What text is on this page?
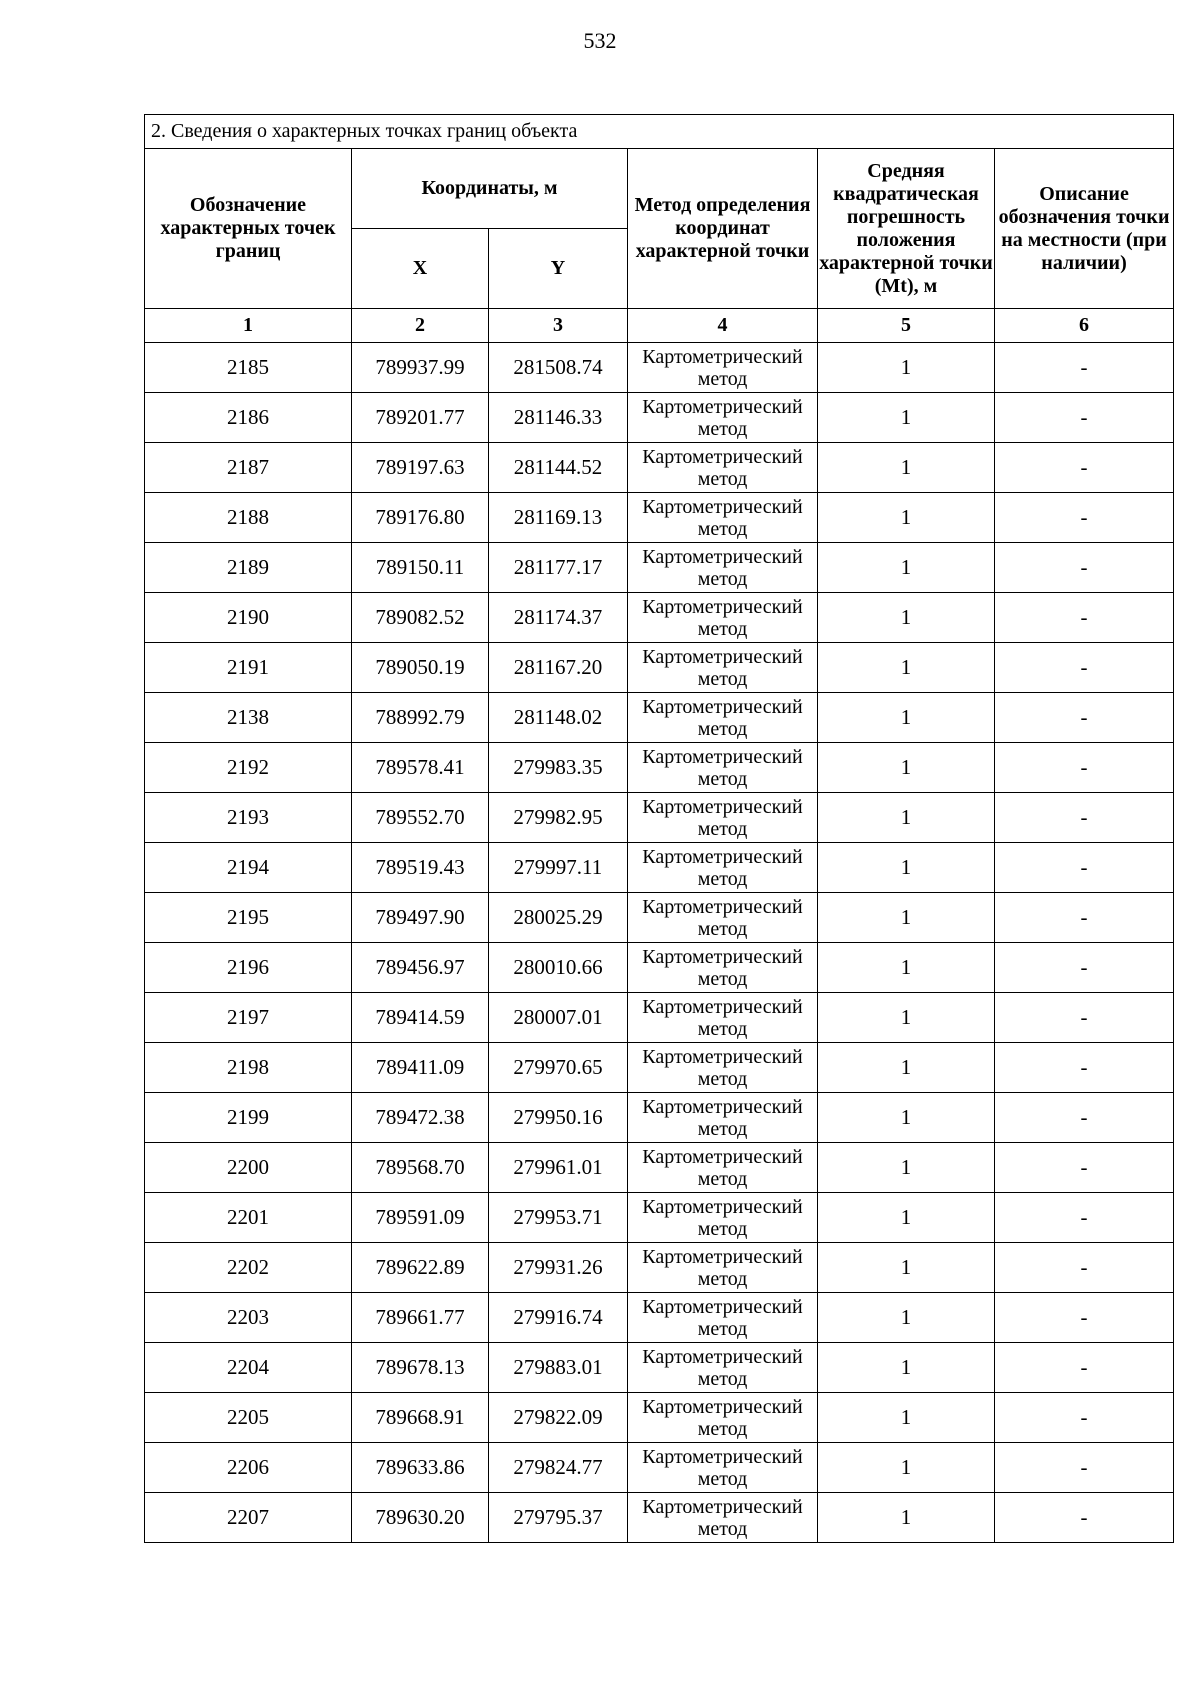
532
2. Сведения о характерных точках границ объекта					
Обозначение характерных точек границ	Координаты, м		Метод определения координат характерной точки	Средняя квадратическая погрешность положения характерной точки (Mt), м	Описание обозначения точки на местности (при наличии)
	X	Y			
1	2	3	4	5	6
2185	789937.99	281508.74	Картометрический метод	1	-
2186	789201.77	281146.33	Картометрический метод	1	-
2187	789197.63	281144.52	Картометрический метод	1	-
2188	789176.80	281169.13	Картометрический метод	1	-
2189	789150.11	281177.17	Картометрический метод	1	-
2190	789082.52	281174.37	Картометрический метод	1	-
2191	789050.19	281167.20	Картометрический метод	1	-
2138	788992.79	281148.02	Картометрический метод	1	-
2192	789578.41	279983.35	Картометрический метод	1	-
2193	789552.70	279982.95	Картометрический метод	1	-
2194	789519.43	279997.11	Картометрический метод	1	-
2195	789497.90	280025.29	Картометрический метод	1	-
2196	789456.97	280010.66	Картометрический метод	1	-
2197	789414.59	280007.01	Картометрический метод	1	-
2198	789411.09	279970.65	Картометрический метод	1	-
2199	789472.38	279950.16	Картометрический метод	1	-
2200	789568.70	279961.01	Картометрический метод	1	-
2201	789591.09	279953.71	Картометрический метод	1	-
2202	789622.89	279931.26	Картометрический метод	1	-
2203	789661.77	279916.74	Картометрический метод	1	-
2204	789678.13	279883.01	Картометрический метод	1	-
2205	789668.91	279822.09	Картометрический метод	1	-
2206	789633.86	279824.77	Картометрический метод	1	-
2207	789630.20	279795.37	Картометрический метод	1	-
